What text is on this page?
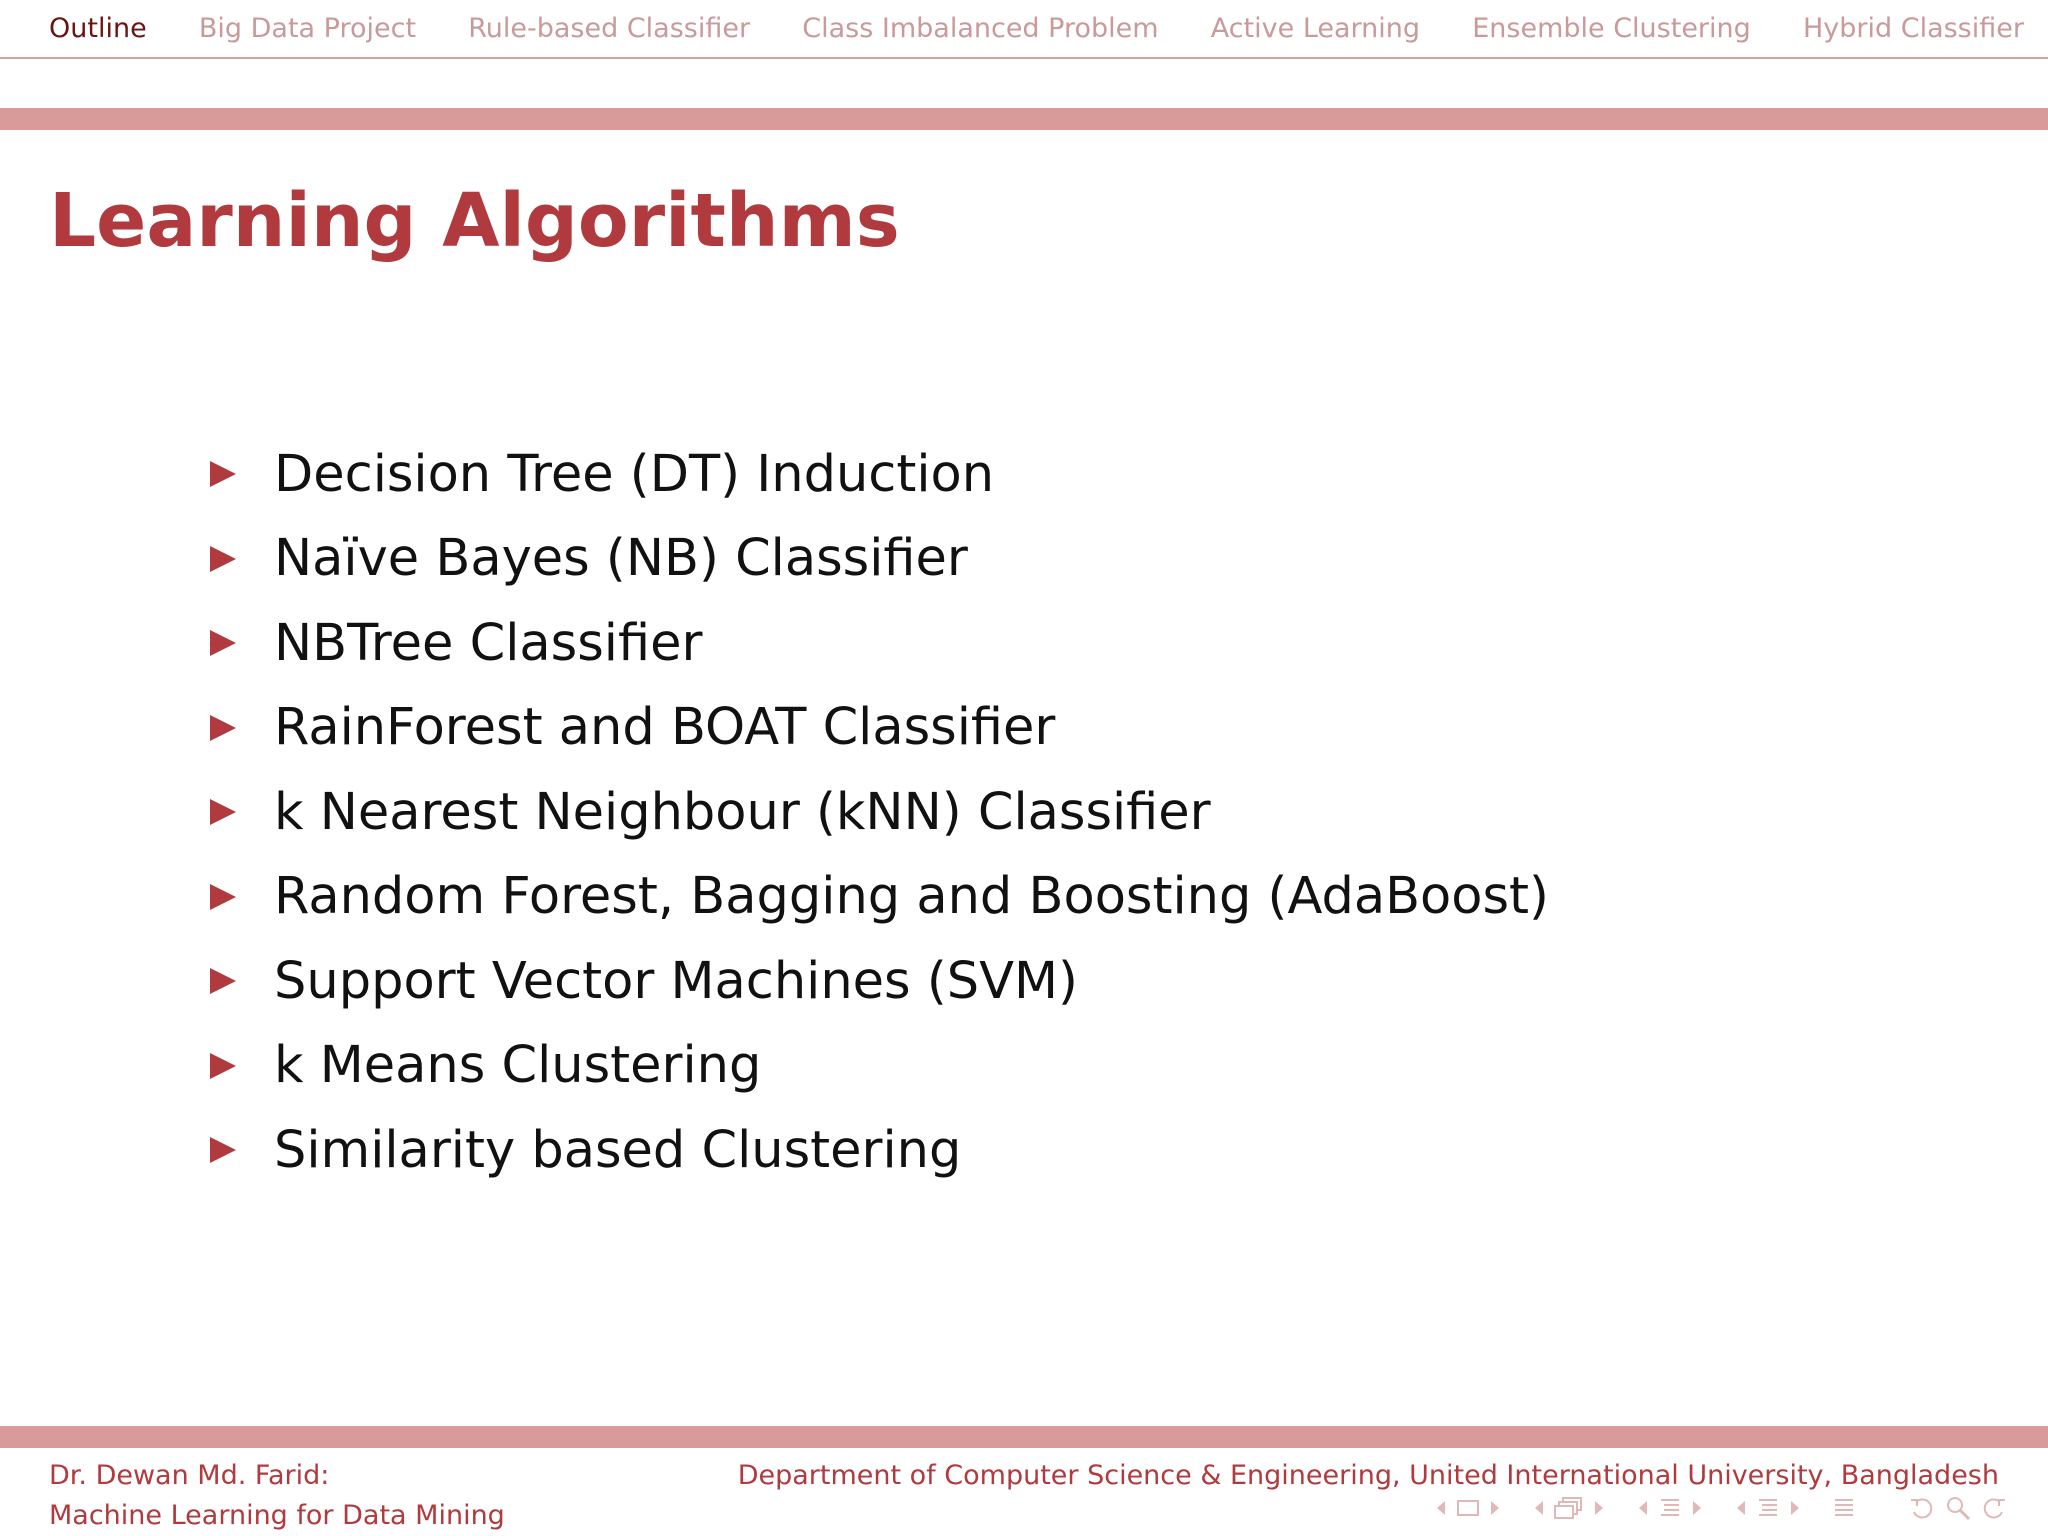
Outline Big Data Project Rule-based Classifier Class Imbalanced Problem Active Learning Ensemble Clustering Hybrid Classifier
Learning Algorithms
Decision Tree (DT) Induction
Naïve Bayes (NB) Classifier
NBTree Classifier
RainForest and BOAT Classifier
k Nearest Neighbour (kNN) Classifier
Random Forest, Bagging and Boosting (AdaBoost)
Support Vector Machines (SVM)
k Means Clustering
Similarity based Clustering
Dr. Dewan Md. Farid:
Machine Learning for Data Mining
Department of Computer Science & Engineering, United International University, Bangladesh
